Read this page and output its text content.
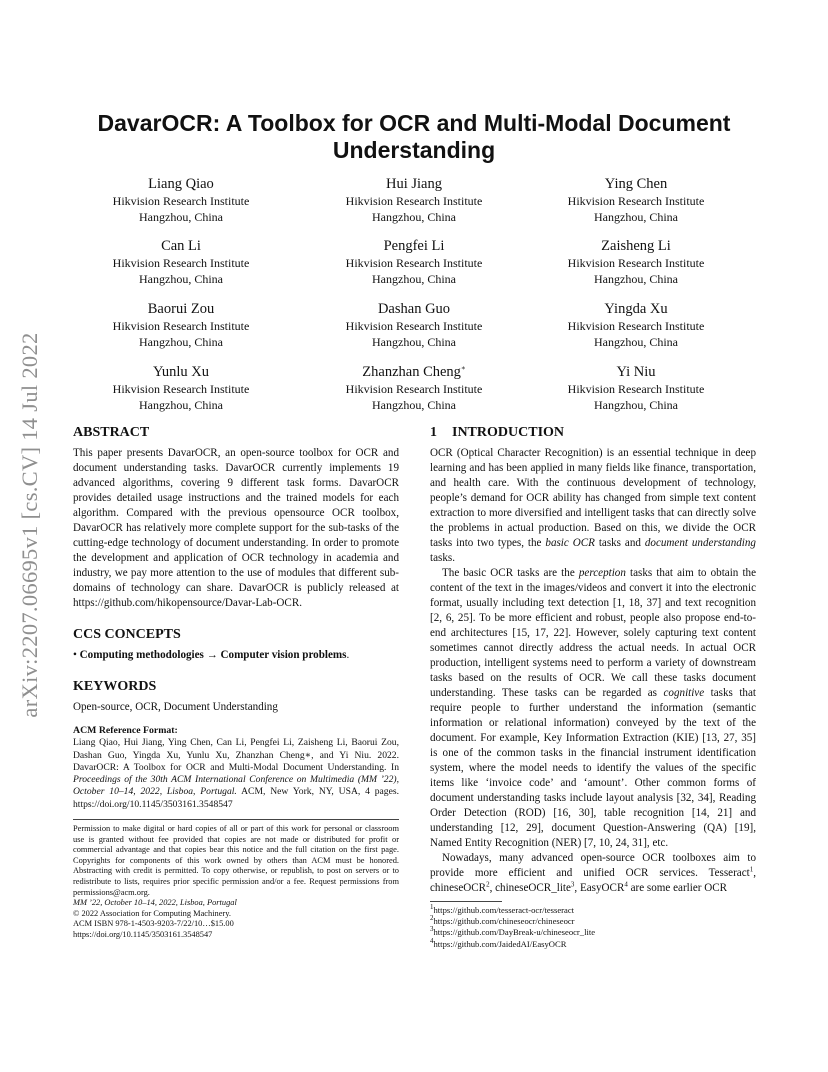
arXiv:2207.06695v1 [cs.CV] 14 Jul 2022
DavarOCR: A Toolbox for OCR and Multi-Modal Document Understanding
Liang Qiao
Hikvision Research Institute
Hangzhou, China
Hui Jiang
Hikvision Research Institute
Hangzhou, China
Ying Chen
Hikvision Research Institute
Hangzhou, China
Can Li
Hikvision Research Institute
Hangzhou, China
Pengfei Li
Hikvision Research Institute
Hangzhou, China
Zaisheng Li
Hikvision Research Institute
Hangzhou, China
Baorui Zou
Hikvision Research Institute
Hangzhou, China
Dashan Guo
Hikvision Research Institute
Hangzhou, China
Yingda Xu
Hikvision Research Institute
Hangzhou, China
Yunlu Xu
Hikvision Research Institute
Hangzhou, China
Zhanzhan Cheng∗
Hikvision Research Institute
Hangzhou, China
Yi Niu
Hikvision Research Institute
Hangzhou, China
ABSTRACT

This paper presents DavarOCR, an open-source toolbox for OCR and document understanding tasks. DavarOCR currently implements 19 advanced algorithms, covering 9 different task forms. DavarOCR provides detailed usage instructions and the trained models for each algorithm. Compared with the previous opensource OCR toolbox, DavarOCR has relatively more complete support for the sub-tasks of the cutting-edge technology of document understanding. In order to promote the development and application of OCR technology in academia and industry, we pay more attention to the use of modules that different sub-domains of technology can share. DavarOCR is publicly released at https://github.com/hikopensource/Davar-Lab-OCR.

CCS CONCEPTS

• Computing methodologies → Computer vision problems.

KEYWORDS

Open-source, OCR, Document Understanding

ACM Reference Format:
Liang Qiao, Hui Jiang, Ying Chen, Can Li, Pengfei Li, Zaisheng Li, Baorui Zou, Dashan Guo, Yingda Xu, Yunlu Xu, Zhanzhan Cheng∗, and Yi Niu. 2022. DavarOCR: A Toolbox for OCR and Multi-Modal Document Understanding. In Proceedings of the 30th ACM International Conference on Multimedia (MM ’22), October 10–14, 2022, Lisboa, Portugal. ACM, New York, NY, USA, 4 pages. https://doi.org/10.1145/3503161.3548547
Permission to make digital or hard copies of all or part of this work for personal or classroom use is granted without fee provided that copies are not made or distributed for profit or commercial advantage and that copies bear this notice and the full citation on the first page. Copyrights for components of this work owned by others than ACM must be honored. Abstracting with credit is permitted. To copy otherwise, or republish, to post on servers or to redistribute to lists, requires prior specific permission and/or a fee. Request permissions from permissions@acm.org.
MM ’22, October 10–14, 2022, Lisboa, Portugal
© 2022 Association for Computing Machinery.
ACM ISBN 978-1-4503-9203-7/22/10…$15.00
https://doi.org/10.1145/3503161.3548547
1 INTRODUCTION

OCR (Optical Character Recognition) is an essential technique in deep learning and has been applied in many fields like finance, transportation, and health care. With the continuous development of technology, people’s demand for OCR ability has changed from simple text content extraction to more diversified and intelligent tasks that can directly solve the problems in actual production. Based on this, we divide the OCR tasks into two types, the basic OCR tasks and document understanding tasks.

The basic OCR tasks are the perception tasks that aim to obtain the content of the text in the images/videos and convert it into the electronic format, usually including text detection [1, 18, 37] and text recognition [2, 6, 25]. To be more efficient and robust, people also propose end-to-end architectures [15, 17, 22]. However, solely capturing text content sometimes cannot directly address the actual needs. In actual OCR production, intelligent systems need to perform a variety of downstream tasks based on the results of OCR. We call these tasks document understanding. These tasks can be regarded as cognitive tasks that require people to further understand the information (semantic information or relational information) conveyed by the text of the document. For example, Key Information Extraction (KIE) [13, 27, 35] is one of the common tasks in the financial instrument identification system, where the model needs to identify the values of the specific items like ‘invoice code’ and ‘amount’. Other common forms of document understanding tasks include layout analysis [32, 34], Reading Order Detection (ROD) [16, 30], table recognition [14, 21] and understanding [12, 29], document Question-Answering (QA) [19], Named Entity Recognition (NER) [7, 10, 24, 31], etc.

Nowadays, many advanced open-source OCR toolboxes aim to provide more efficient and unified OCR services. Tesseract$^1$, chineseOCR$^2$, chineseOCR_lite$^3$, EasyOCR$^4$ are some earlier OCR

$^1$https://github.com/tesseract-ocr/tesseract
$^2$https://github.com/chineseocr/chineseocr
$^3$https://github.com/DayBreak-u/chineseocr_lite
$^4$https://github.com/JaidedAI/EasyOCR
